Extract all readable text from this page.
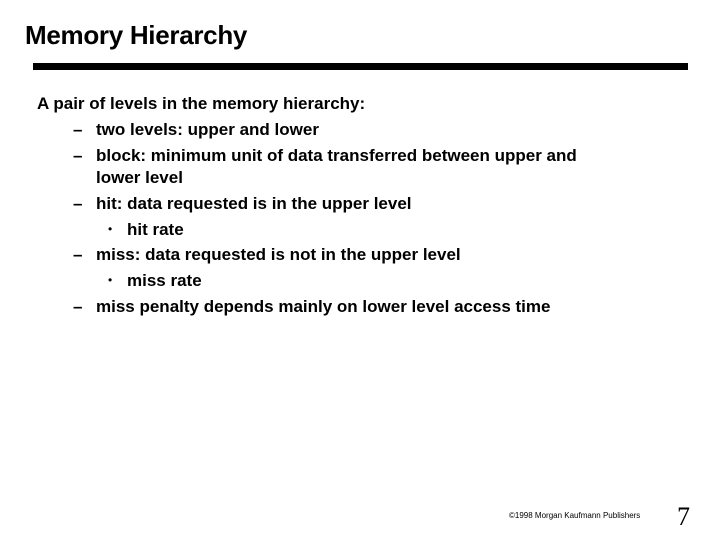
Memory Hierarchy
A pair of levels in the memory hierarchy:
– two levels: upper and lower
– block: minimum unit of data transferred between upper and
lower level
– hit: data requested is in the upper level
• hit rate
– miss: data requested is not in the upper level
• miss rate
– miss penalty depends mainly on lower level access time
©1998 Morgan Kaufmann Publishers 7
